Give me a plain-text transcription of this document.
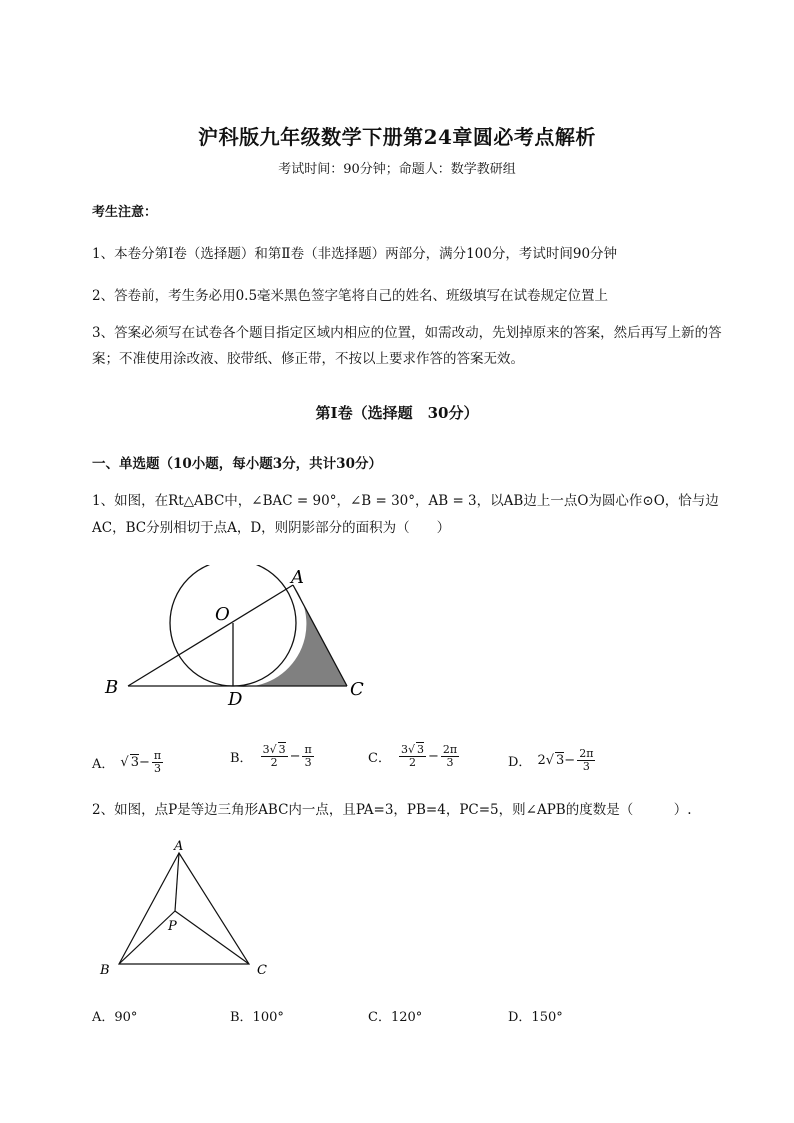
沪科版九年级数学下册第24章圆必考点解析
考试时间：90分钟；命题人：数学教研组
考生注意：
1、本卷分第I卷（选择题）和第Ⅱ卷（非选择题）两部分，满分100分，考试时间90分钟
2、答卷前，考生务必用0.5毫米黑色签字笔将自己的姓名、班级填写在试卷规定位置上
3、答案必须写在试卷各个题目指定区域内相应的位置，如需改动，先划掉原来的答案，然后再写上新的答案；不准使用涂改液、胶带纸、修正带，不按以上要求作答的答案无效。
第I卷（选择题　30分）
一、单选题（10小题，每小题3分，共计30分）
1、如图，在Rt△ABC中，∠BAC = 90°，∠B = 30°，AB = 3，以AB边上一点O为圆心作⊙O，恰与边AC，BC分别相切于点A，D，则阴影部分的面积为（　　）
A
B	C
D
O
A． √ $3 - \frac{\pi}{3}$	B． $\frac{3√ 3}{2} - \frac{\pi}{3}$	C． $\frac{3√ 3}{2} - \frac{2\pi}{3}$	D． 2 √ $3 - \frac{2\pi}{3}$
2、如图，点P是等边三角形ABC内一点，且PA=3，PB=4，PC=5，则∠APB的度数是（　　　）.
A
B	C
P
A．90°	B．100°	C．120°	D．150°
